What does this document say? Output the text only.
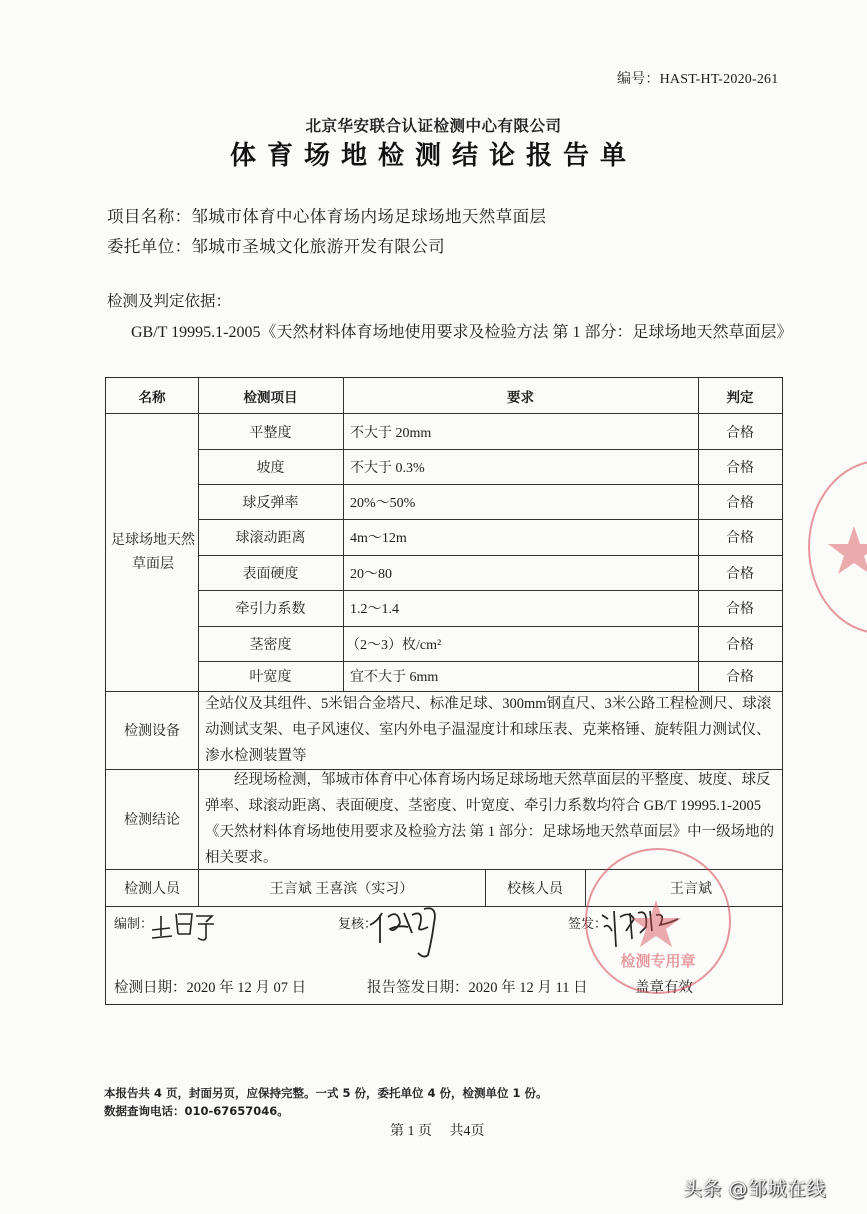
编号：HAST-HT-2020-261
北京华安联合认证检测中心有限公司
体育场地检测结论报告单
项目名称：邹城市体育中心体育场内场足球场地天然草面层
委托单位：邹城市圣城文化旅游开发有限公司
检测及判定依据：
GB/T 19995.1-2005《天然材料体育场地使用要求及检验方法 第 1 部分：足球场地天然草面层》
名称	检测项目	要求	判定
足球场地天然草面层
平整度	不大于 20mm	合格
坡度	不大于 0.3%	合格
球反弹率	20%～50%	合格
球滚动距离	4m～12m	合格
表面硬度	20～80	合格
牵引力系数	1.2～1.4	合格
茎密度	（2～3）枚/cm²	合格
叶宽度	宜不大于 6mm	合格
检测设备
全站仪及其组件、5米铝合金塔尺、标准足球、300mm钢直尺、3米公路工程检测尺、球滚动测试支架、电子风速仪、室内外电子温湿度计和球压表、克莱格锤、旋转阻力测试仪、渗水检测装置等
检测结论
经现场检测，邹城市体育中心体育场内场足球场地天然草面层的平整度、坡度、球反弹率、球滚动距离、表面硬度、茎密度、叶宽度、牵引力系数均符合 GB/T 19995.1-2005《天然材料体育场地使用要求及检验方法 第 1 部分：足球场地天然草面层》中一级场地的相关要求。
检测人员	王言斌 王喜滨（实习）	校核人员	王言斌
编制：	复核：	签发：
检测日期：2020 年 12 月 07 日	报告签发日期：2020 年 12 月 11 日	盖章有效
检测专用章
本报告共 4 页，封面另页，应保持完整。一式 5 份，委托单位 4 份，检测单位 1 份。
数据查询电话：010-67657046。
第 1 页　 共4页
头条 @邹城在线
